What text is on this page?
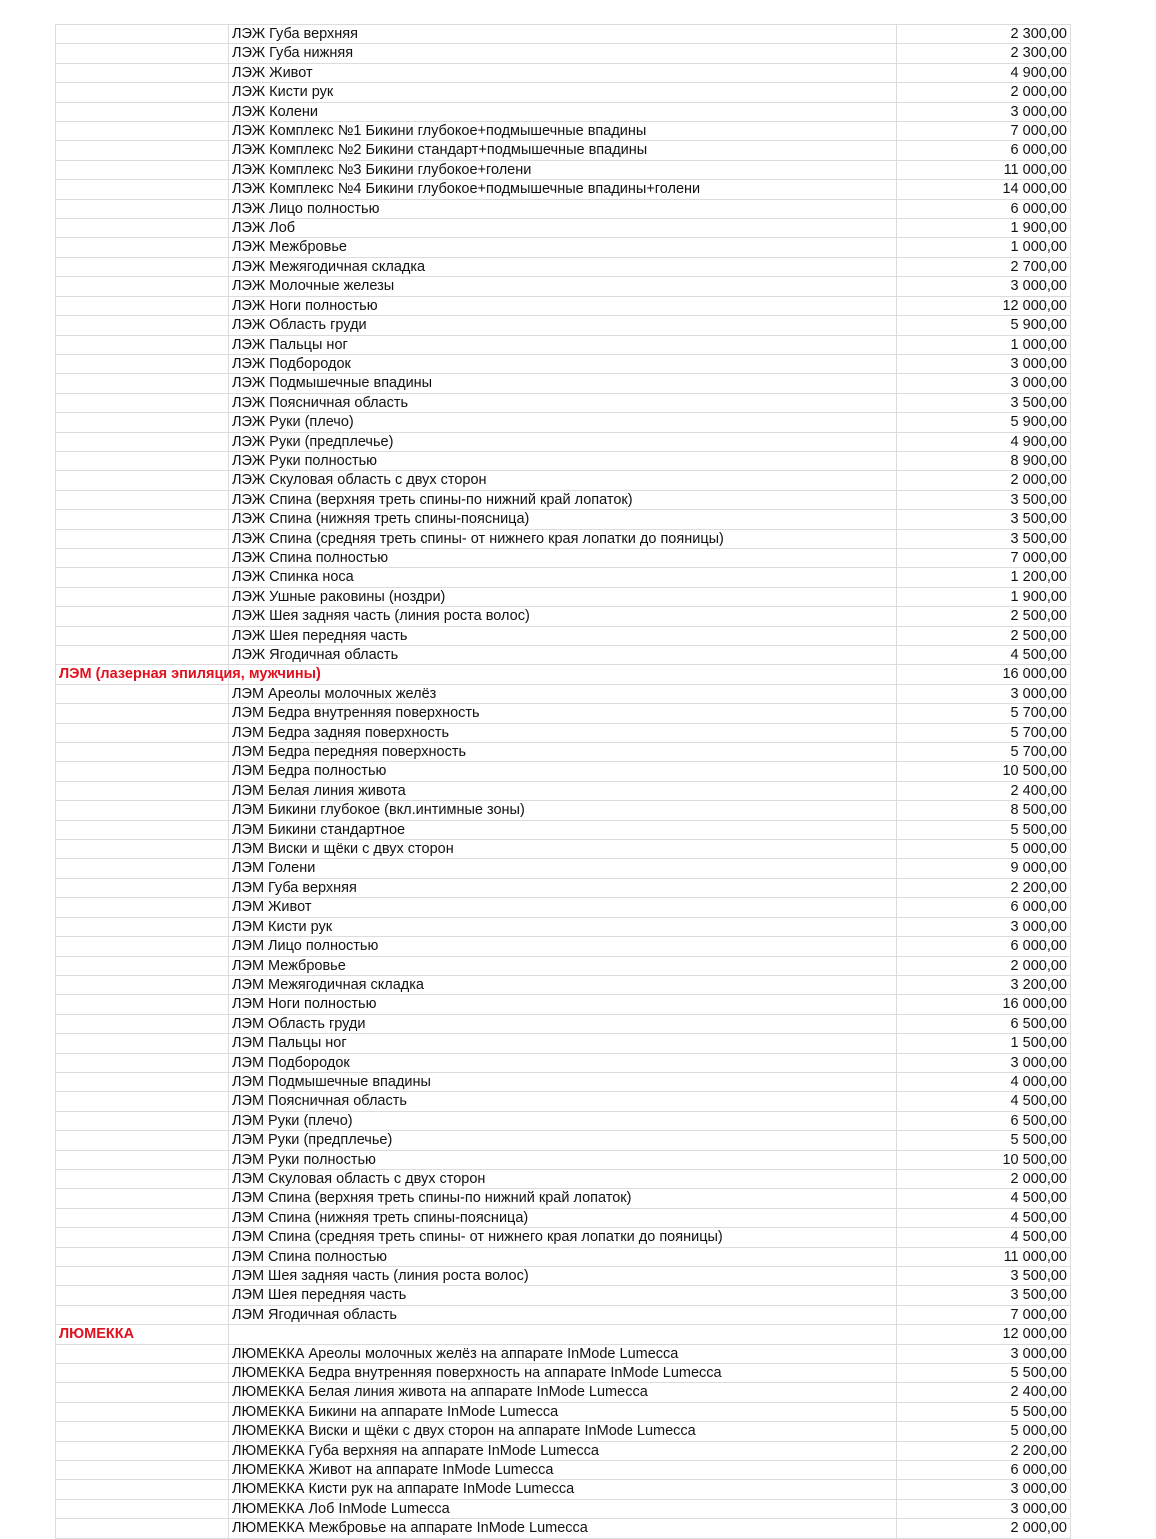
	ЛЭЖ Губа верхняя	2 300,00
	ЛЭЖ Губа нижняя	2 300,00
	ЛЭЖ Живот	4 900,00
	ЛЭЖ Кисти рук	2 000,00
	ЛЭЖ Колени	3 000,00
	ЛЭЖ Комплекс №1 Бикини глубокое+подмышечные впадины	7 000,00
	ЛЭЖ Комплекс №2 Бикини стандарт+подмышечные впадины	6 000,00
	ЛЭЖ Комплекс №3 Бикини глубокое+голени	11 000,00
	ЛЭЖ Комплекс №4 Бикини глубокое+подмышечные впадины+голени	14 000,00
	ЛЭЖ Лицо полностью	6 000,00
	ЛЭЖ Лоб	1 900,00
	ЛЭЖ Межбровье	1 000,00
	ЛЭЖ Межягодичная складка	2 700,00
	ЛЭЖ Молочные железы	3 000,00
	ЛЭЖ Ноги полностью	12 000,00
	ЛЭЖ Область груди	5 900,00
	ЛЭЖ Пальцы ног	1 000,00
	ЛЭЖ Подбородок	3 000,00
	ЛЭЖ Подмышечные впадины	3 000,00
	ЛЭЖ Поясничная область	3 500,00
	ЛЭЖ Руки (плечо)	5 900,00
	ЛЭЖ Руки (предплечье)	4 900,00
	ЛЭЖ Руки полностью	8 900,00
	ЛЭЖ Скуловая область с двух сторон	2 000,00
	ЛЭЖ Спина (верхняя треть спины-по нижний край лопаток)	3 500,00
	ЛЭЖ Спина (нижняя треть спины-поясница)	3 500,00
	ЛЭЖ Спина (средняя треть спины- от нижнего края лопатки до пояницы)	3 500,00
	ЛЭЖ Спина полностью	7 000,00
	ЛЭЖ Спинка носа	1 200,00
	ЛЭЖ Ушные раковины (ноздри)	1 900,00
	ЛЭЖ Шея задняя часть (линия роста волос)	2 500,00
	ЛЭЖ Шея передняя часть	2 500,00
	ЛЭЖ Ягодичная область	4 500,00
ЛЭМ (лазерная эпиляция, мужчины)		16 000,00
	ЛЭМ Ареолы молочных желёз	3 000,00
	ЛЭМ Бедра внутренняя поверхность	5 700,00
	ЛЭМ Бедра задняя поверхность	5 700,00
	ЛЭМ Бедра передняя поверхность	5 700,00
	ЛЭМ Бедра полностью	10 500,00
	ЛЭМ Белая линия живота	2 400,00
	ЛЭМ Бикини глубокое (вкл.интимные зоны)	8 500,00
	ЛЭМ Бикини стандартное	5 500,00
	ЛЭМ Виски и щёки с двух сторон	5 000,00
	ЛЭМ Голени	9 000,00
	ЛЭМ Губа верхняя	2 200,00
	ЛЭМ Живот	6 000,00
	ЛЭМ Кисти рук	3 000,00
	ЛЭМ Лицо полностью	6 000,00
	ЛЭМ Межбровье	2 000,00
	ЛЭМ Межягодичная складка	3 200,00
	ЛЭМ Ноги полностью	16 000,00
	ЛЭМ Область груди	6 500,00
	ЛЭМ Пальцы ног	1 500,00
	ЛЭМ Подбородок	3 000,00
	ЛЭМ Подмышечные впадины	4 000,00
	ЛЭМ Поясничная область	4 500,00
	ЛЭМ Руки (плечо)	6 500,00
	ЛЭМ Руки (предплечье)	5 500,00
	ЛЭМ Руки полностью	10 500,00
	ЛЭМ Скуловая область с двух сторон	2 000,00
	ЛЭМ Спина (верхняя треть спины-по нижний край лопаток)	4 500,00
	ЛЭМ Спина (нижняя треть спины-поясница)	4 500,00
	ЛЭМ Спина (средняя треть спины- от нижнего края лопатки до пояницы)	4 500,00
	ЛЭМ Спина полностью	11 000,00
	ЛЭМ Шея задняя часть (линия роста волос)	3 500,00
	ЛЭМ Шея передняя часть	3 500,00
	ЛЭМ Ягодичная область	7 000,00
ЛЮМЕККА		12 000,00
	ЛЮМЕККА Ареолы молочных желёз на аппарате InMode Lumecca	3 000,00
	ЛЮМЕККА Бедра внутренняя поверхность на аппарате InMode Lumecca	5 500,00
	ЛЮМЕККА Белая линия живота на аппарате InMode Lumecca	2 400,00
	ЛЮМЕККА Бикини на аппарате InMode Lumecca	5 500,00
	ЛЮМЕККА Виски и щёки с двух сторон на аппарате InMode Lumecca	5 000,00
	ЛЮМЕККА Губа верхняя на аппарате InMode Lumecca	2 200,00
	ЛЮМЕККА Живот на аппарате InMode Lumecca	6 000,00
	ЛЮМЕККА Кисти рук на аппарате InMode Lumecca	3 000,00
	ЛЮМЕККА Лоб InMode Lumecca	3 000,00
	ЛЮМЕККА Межбровье на аппарате InMode Lumecca	2 000,00
